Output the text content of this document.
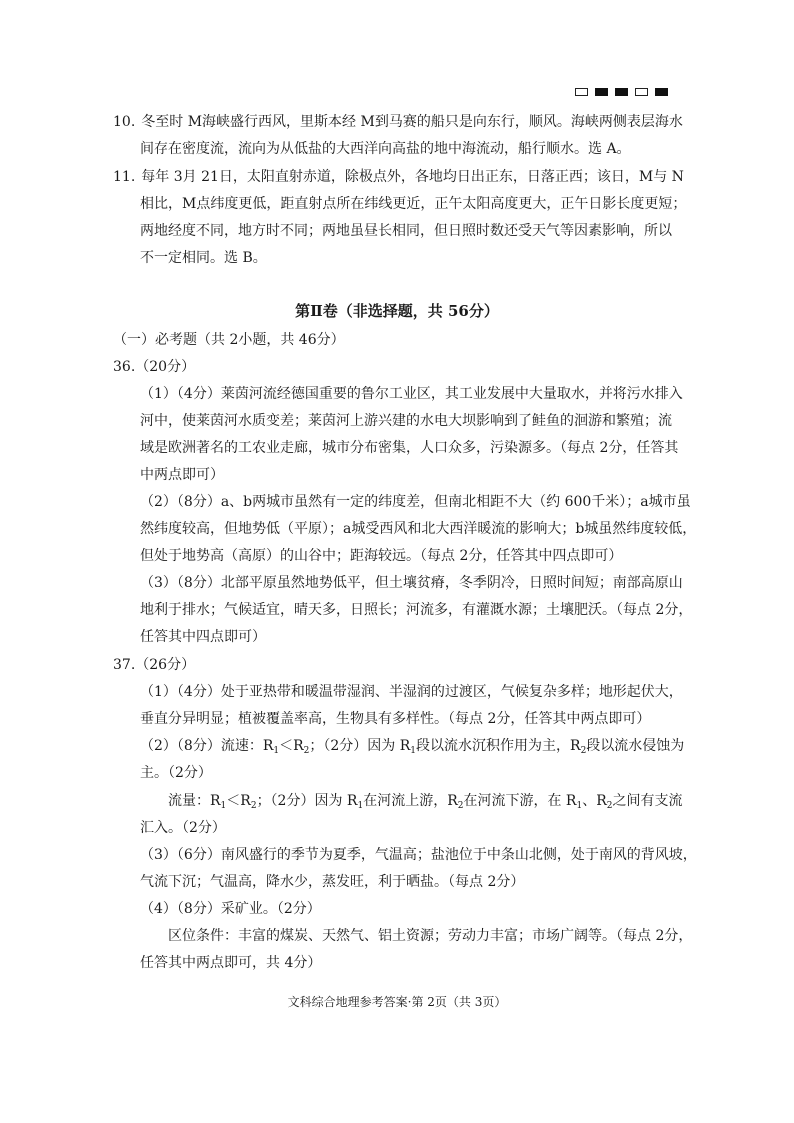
10. 冬至时 M海峡盛行西风，里斯本经 M到马赛的船只是向东行，顺风。海峡两侧表层海水
间存在密度流，流向为从低盐的大西洋向高盐的地中海流动，船行顺水。选 A。
11. 每年 3月 21日，太阳直射赤道，除极点外，各地均日出正东，日落正西；该日，M与 N
相比，M点纬度更低，距直射点所在纬线更近，正午太阳高度更大，正午日影长度更短；
两地经度不同，地方时不同；两地虽昼长相同，但日照时数还受天气等因素影响，所以
不一定相同。选 B。
第Ⅱ卷（非选择题，共 56分）
（一）必考题（共 2小题，共 46分）
36.（20分）
（1）（4分）莱茵河流经德国重要的鲁尔工业区，其工业发展中大量取水，并将污水排入
河中，使莱茵河水质变差；莱茵河上游兴建的水电大坝影响到了鲑鱼的洄游和繁殖；流
域是欧洲著名的工农业走廊，城市分布密集，人口众多，污染源多。（每点 2分，任答其
中两点即可）
（2）（8分）a、b两城市虽然有一定的纬度差，但南北相距不大（约 600千米）；a城市虽
然纬度较高，但地势低（平原）；a城受西风和北大西洋暖流的影响大；b城虽然纬度较低，
但处于地势高（高原）的山谷中；距海较远。（每点 2分，任答其中四点即可）
（3）（8分）北部平原虽然地势低平，但土壤贫瘠，冬季阴冷，日照时间短；南部高原山
地利于排水；气候适宜，晴天多，日照长；河流多，有灌溉水源；土壤肥沃。（每点 2分，
任答其中四点即可）
37.（26分）
（1）（4分）处于亚热带和暖温带湿润、半湿润的过渡区，气候复杂多样；地形起伏大，
垂直分异明显；植被覆盖率高，生物具有多样性。（每点 2分，任答其中两点即可）
（2）（8分）流速：$R_1<R_2$；（2分）因为 $R_1$段以流水沉积作用为主，$R_2$段以流水侵蚀为
主。（2分）
流量：$R_1<R_2$；（2分）因为 $R_1$在河流上游，$R_2$在河流下游，在 $R_1$、$R_2$之间有支流
汇入。（2分）
（3）（6分）南风盛行的季节为夏季，气温高；盐池位于中条山北侧，处于南风的背风坡，
气流下沉；气温高，降水少，蒸发旺，利于晒盐。（每点 2分）
（4）（8分）采矿业。（2分）
区位条件：丰富的煤炭、天然气、铝土资源；劳动力丰富；市场广阔等。（每点 2分，
任答其中两点即可，共 4分）
文科综合地理参考答案·第 2页（共 3页）
